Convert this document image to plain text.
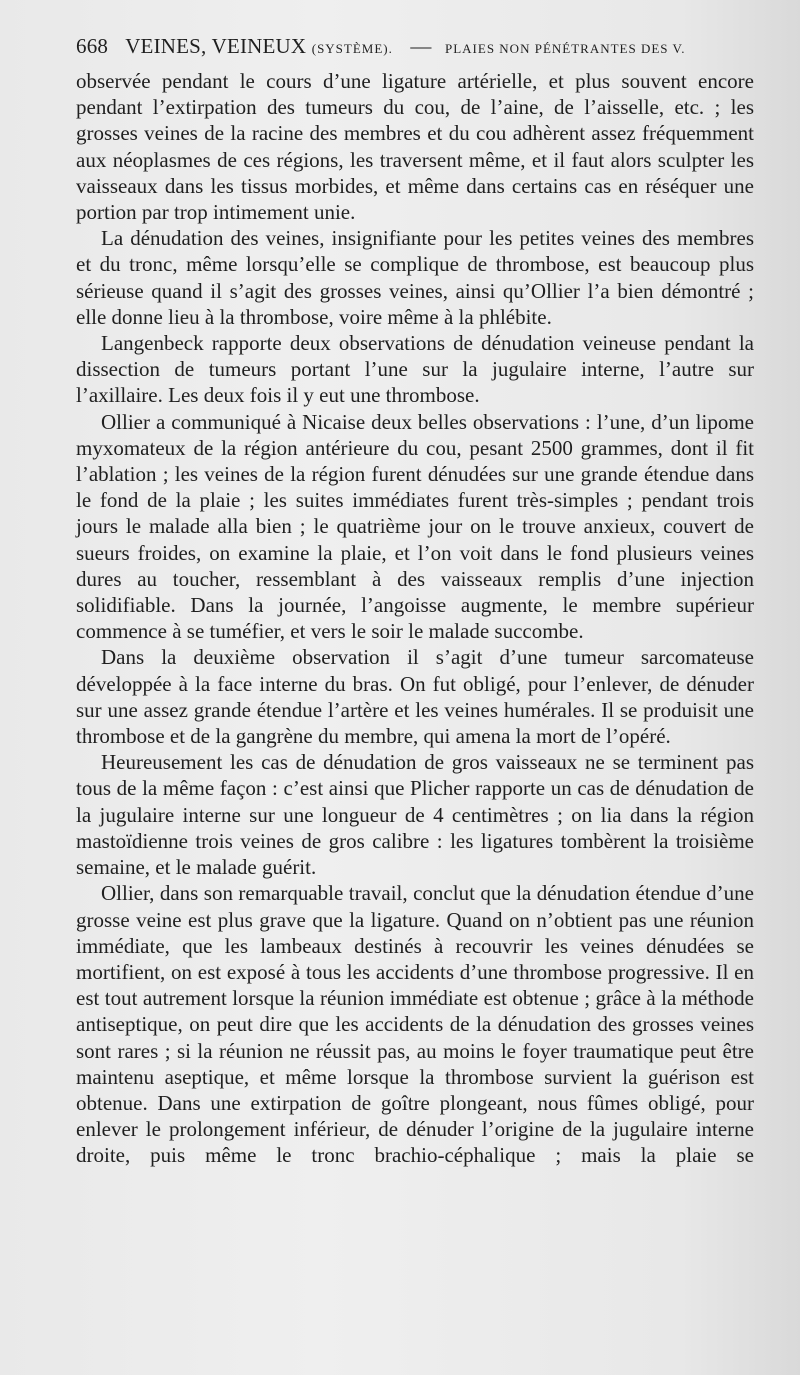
668 VEINES, VEINEUX (SYSTÈME). — PLAIES NON PÉNÉTRANTES DES V.

observée pendant le cours d’une ligature artérielle, et plus souvent encore pendant l’extirpation des tumeurs du cou, de l’aine, de l’aisselle, etc. ; les grosses veines de la racine des membres et du cou adhèrent assez fréquemment aux néoplasmes de ces régions, les traversent même, et il faut alors sculpter les vaisseaux dans les tissus morbides, et même dans certains cas en réséquer une portion par trop intimement unie.

La dénudation des veines, insignifiante pour les petites veines des membres et du tronc, même lorsqu’elle se complique de thrombose, est beaucoup plus sérieuse quand il s’agit des grosses veines, ainsi qu’Ollier l’a bien démontré ; elle donne lieu à la thrombose, voire même à la phlébite.

Langenbeck rapporte deux observations de dénudation veineuse pendant la dissection de tumeurs portant l’une sur la jugulaire interne, l’autre sur l’axillaire. Les deux fois il y eut une thrombose.

Ollier a communiqué à Nicaise deux belles observations : l’une, d’un lipome myxomateux de la région antérieure du cou, pesant 2500 grammes, dont il fit l’ablation ; les veines de la région furent dénudées sur une grande étendue dans le fond de la plaie ; les suites immédiates furent très-simples ; pendant trois jours le malade alla bien ; le quatrième jour on le trouve anxieux, couvert de sueurs froides, on examine la plaie, et l’on voit dans le fond plusieurs veines dures au toucher, ressemblant à des vaisseaux remplis d’une injection solidifiable. Dans la journée, l’angoisse augmente, le membre supérieur commence à se tuméfier, et vers le soir le malade succombe.

Dans la deuxième observation il s’agit d’une tumeur sarcomateuse développée à la face interne du bras. On fut obligé, pour l’enlever, de dénuder sur une assez grande étendue l’artère et les veines humérales. Il se produisit une thrombose et de la gangrène du membre, qui amena la mort de l’opéré.

Heureusement les cas de dénudation de gros vaisseaux ne se terminent pas tous de la même façon : c’est ainsi que Plicher rapporte un cas de dénudation de la jugulaire interne sur une longueur de 4 centimètres ; on lia dans la région mastoïdienne trois veines de gros calibre : les ligatures tombèrent la troisième semaine, et le malade guérit.

Ollier, dans son remarquable travail, conclut que la dénudation étendue d’une grosse veine est plus grave que la ligature. Quand on n’obtient pas une réunion immédiate, que les lambeaux destinés à recouvrir les veines dénudées se mortifient, on est exposé à tous les accidents d’une thrombose progressive. Il en est tout autrement lorsque la réunion immédiate est obtenue ; grâce à la méthode antiseptique, on peut dire que les accidents de la dénudation des grosses veines sont rares ; si la réunion ne réussit pas, au moins le foyer traumatique peut être maintenu aseptique, et même lorsque la thrombose survient la guérison est obtenue. Dans une extirpation de goître plongeant, nous fûmes obligé, pour enlever le prolongement inférieur, de dénuder l’origine de la jugulaire interne droite, puis même le tronc brachio-céphalique ; mais la plaie se
